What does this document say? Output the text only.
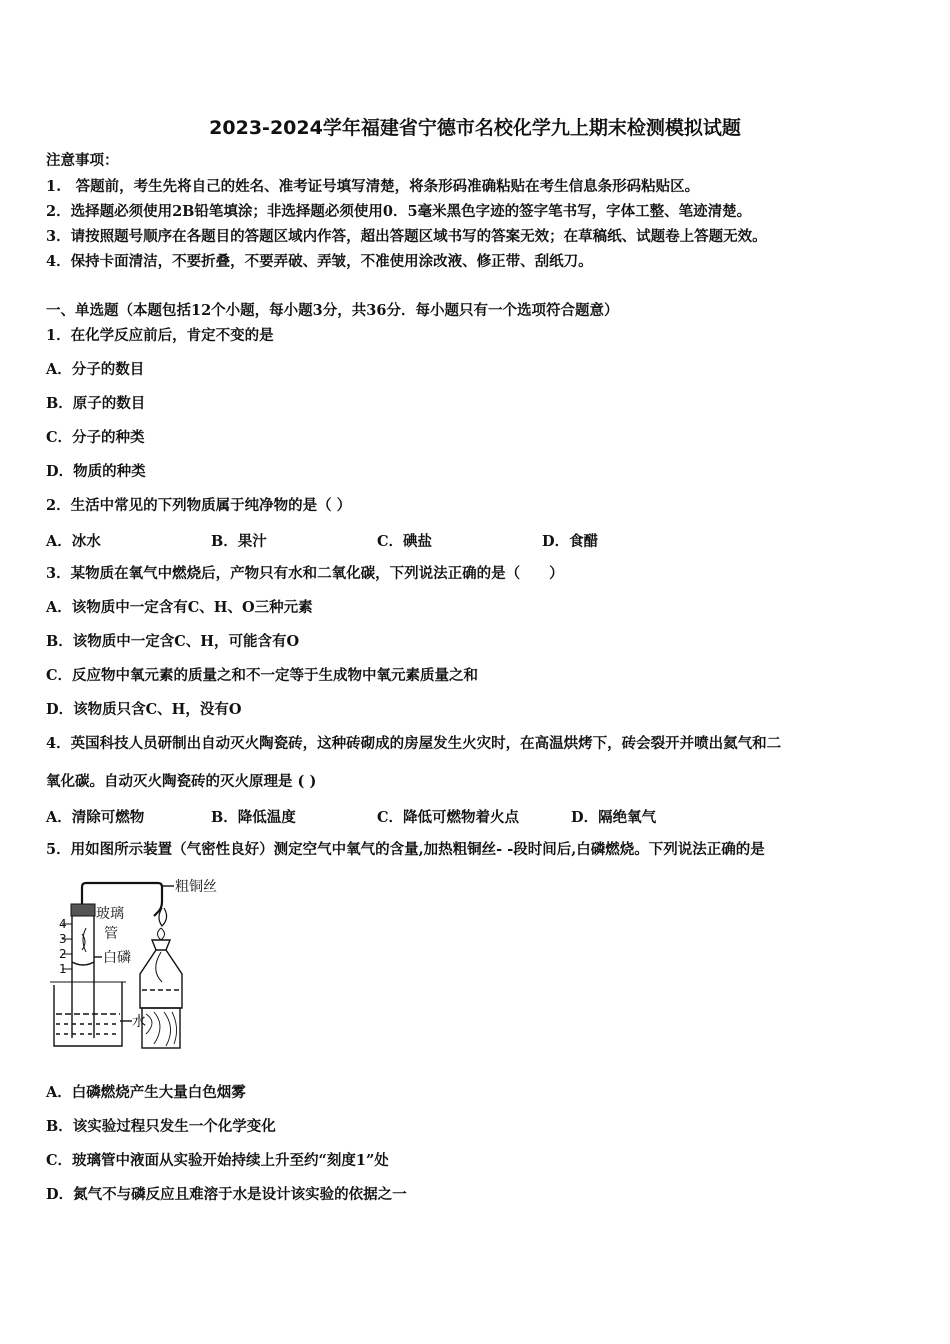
2023-2024学年福建省宁德市名校化学九上期末检测模拟试题
注意事项：
1.　答题前，考生先将自己的姓名、准考证号填写清楚，将条形码准确粘贴在考生信息条形码粘贴区。
2．选择题必须使用2B铅笔填涂；非选择题必须使用0．5毫米黑色字迹的签字笔书写，字体工整、笔迹清楚。
3．请按照题号顺序在各题目的答题区域内作答，超出答题区域书写的答案无效；在草稿纸、试题卷上答题无效。
4．保持卡面清洁，不要折叠，不要弄破、弄皱，不准使用涂改液、修正带、刮纸刀。
一、单选题（本题包括12个小题，每小题3分，共36分．每小题只有一个选项符合题意）
1．在化学反应前后，肯定不变的是
A．分子的数目
B．原子的数目
C．分子的种类
D．物质的种类
2．生活中常见的下列物质属于纯净物的是（ ）
A．冰水	B．果汁	C．碘盐	D．食醋
3．某物质在氧气中燃烧后，产物只有水和二氧化碳，下列说法正确的是（　　）
A．该物质中一定含有C、H、O三种元素
B．该物质中一定含C、H，可能含有O
C．反应物中氧元素的质量之和不一定等于生成物中氧元素质量之和
D．该物质只含C、H，没有O
4．英国科技人员研制出自动灭火陶瓷砖，这种砖砌成的房屋发生火灾时，在高温烘烤下，砖会裂开并喷出氦气和二
氧化碳。自动灭火陶瓷砖的灭火原理是 ( )
A．清除可燃物	B．降低温度	C．降低可燃物着火点	D．隔绝氧气
5．用如图所示装置（气密性良好）测定空气中氧气的含量,加热粗铜丝- -段时间后,白磷燃烧。下列说法正确的是
粗铜丝
玻璃
管
白磷
水
4
3
2
1
A．白磷燃烧产生大量白色烟雾
B．该实验过程只发生一个化学变化
C．玻璃管中液面从实验开始持续上升至约“刻度1”处
D．氮气不与磷反应且难溶于水是设计该实验的依据之一
